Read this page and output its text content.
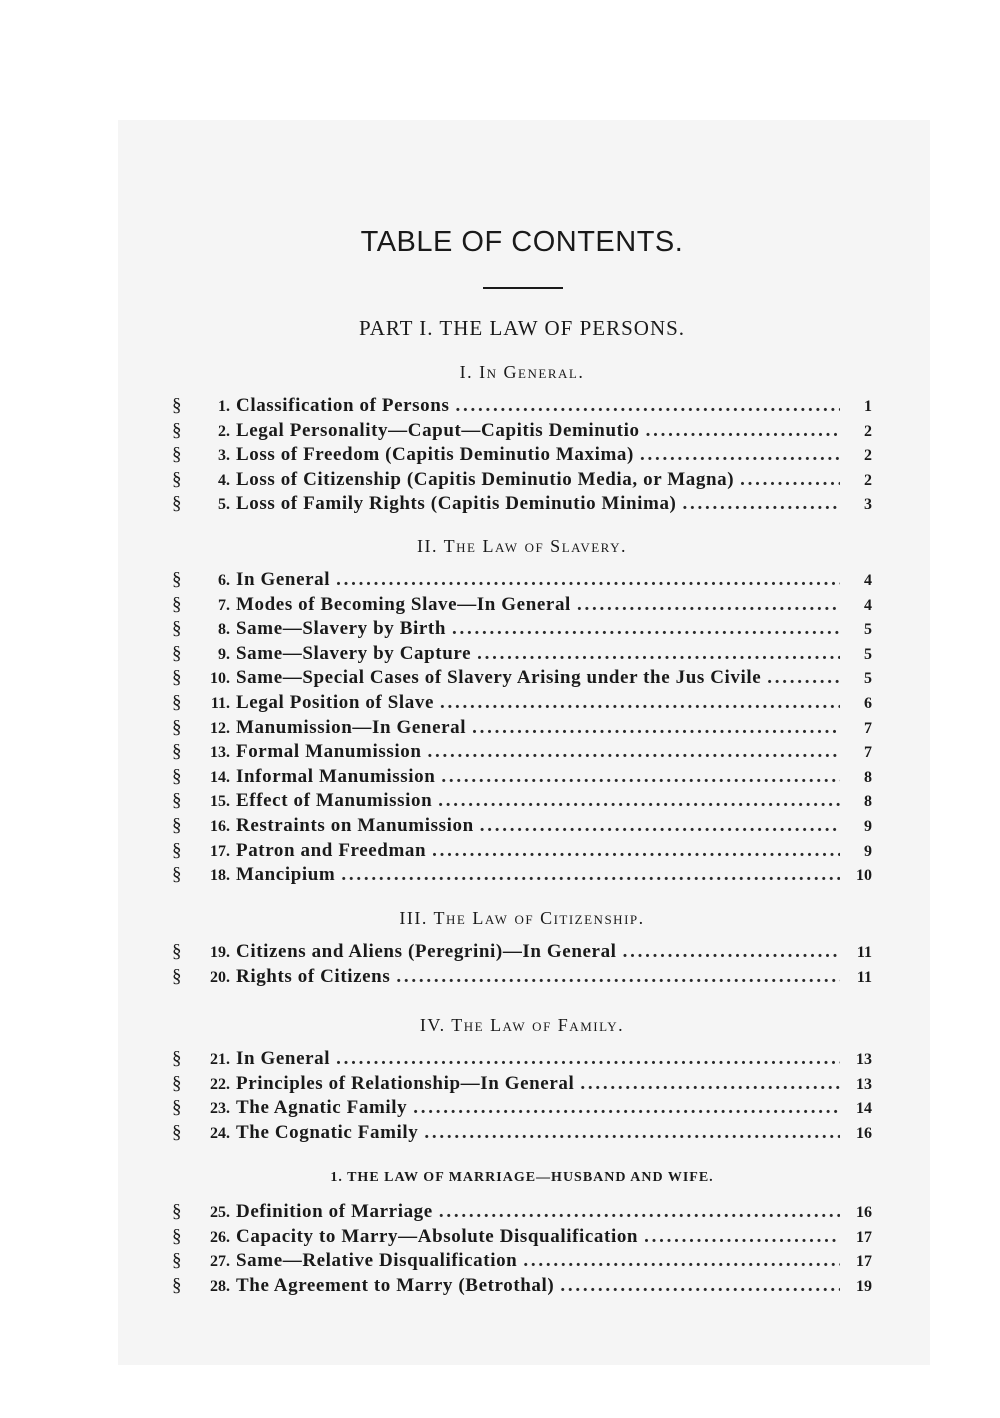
TABLE OF CONTENTS.
PART I. THE LAW OF PERSONS.
I. In General.
§	1. Classification of Persons . . .	1
§	2. Legal Personality—Caput—Capitis Deminutio . . .	2
§	3. Loss of Freedom (Capitis Deminutio Maxima) . . .	2
§	4. Loss of Citizenship (Capitis Deminutio Media, or Magna) . . .	2
§	5. Loss of Family Rights (Capitis Deminutio Minima) . . .	3
II. The Law of Slavery.
§	6. In General . . .	4
§	7. Modes of Becoming Slave—In General . . .	4
§	8. Same—Slavery by Birth . . .	5
§	9. Same—Slavery by Capture . . .	5
§	10. Same—Special Cases of Slavery Arising under the Jus Civile . . .	5
§	11. Legal Position of Slave . . .	6
§	12. Manumission—In General . . .	7
§	13. Formal Manumission . . .	7
§	14. Informal Manumission . . .	8
§	15. Effect of Manumission . . .	8
§	16. Restraints on Manumission . . .	9
§	17. Patron and Freedman . . .	9
§	18. Mancipium . . .	10
III. The Law of Citizenship.
§	19. Citizens and Aliens (Peregrini)—In General . . .	11
§	20. Rights of Citizens . . .	11
IV. The Law of Family.
§	21. In General . . .	13
§	22. Principles of Relationship—In General . . .	13
§	23. The Agnatic Family . . .	14
§	24. The Cognatic Family . . .	16
1. THE LAW OF MARRIAGE—HUSBAND AND WIFE.
§	25. Definition of Marriage . . .	16
§	26. Capacity to Marry—Absolute Disqualification . . .	17
§	27. Same—Relative Disqualification . . .	17
§	28. The Agreement to Marry (Betrothal) . . .	19
